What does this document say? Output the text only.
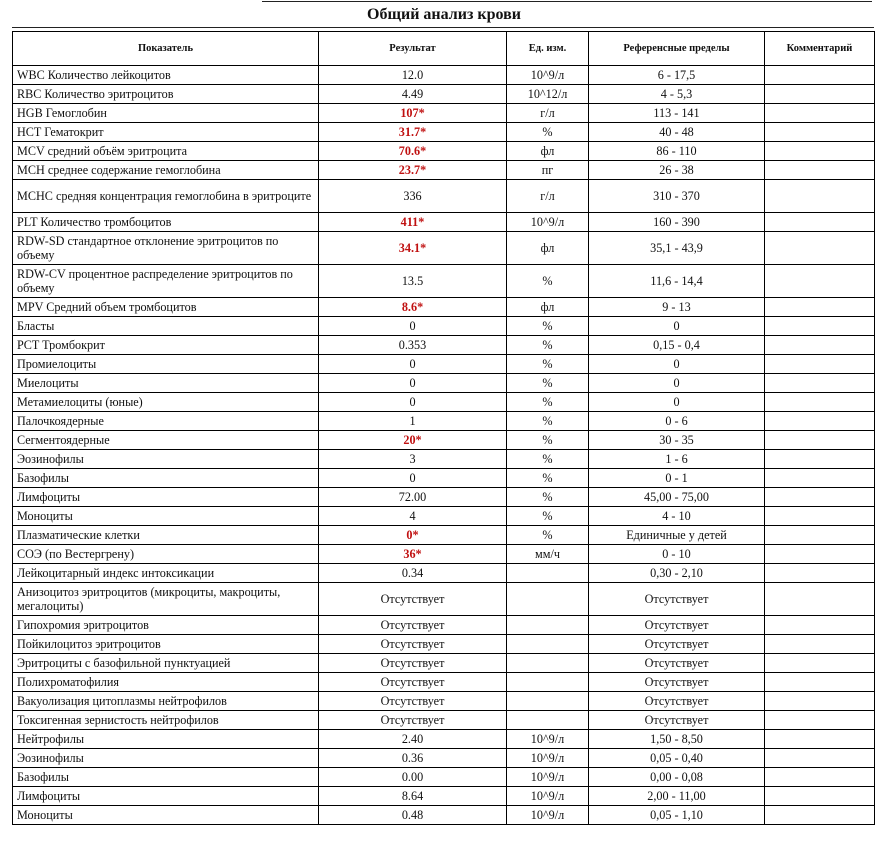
Общий анализ крови
Показатель	Результат	Ед. изм.	Референсные пределы	Комментарий
WBC Количество лейкоцитов	12.0	10^9/л	6 - 17,5	
RBC Количество эритроцитов	4.49	10^12/л	4 - 5,3	
HGB Гемоглобин	107*	г/л	113 - 141	
HCT Гематокрит	31.7*	%	40 - 48	
MCV средний объём эритроцита	70.6*	фл	86 - 110	
MCH среднее содержание гемоглобина	23.7*	пг	26 - 38	
MCHC средняя концентрация гемоглобина в эритроците	336	г/л	310 - 370	
PLT Количество тромбоцитов	411*	10^9/л	160 - 390	
RDW-SD стандартное отклонение эритроцитов по объему	34.1*	фл	35,1 - 43,9	
RDW-CV процентное распределение эритроцитов по объему	13.5	%	11,6 - 14,4	
MPV Средний объем тромбоцитов	8.6*	фл	9 - 13	
Бласты	0	%	0	
PCT Тромбокрит	0.353	%	0,15 - 0,4	
Промиелоциты	0	%	0	
Миелоциты	0	%	0	
Метамиелоциты (юные)	0	%	0	
Палочкоядерные	1	%	0 - 6	
Сегментоядерные	20*	%	30 - 35	
Эозинофилы	3	%	1 - 6	
Базофилы	0	%	0 - 1	
Лимфоциты	72.00	%	45,00 - 75,00	
Моноциты	4	%	4 - 10	
Плазматические клетки	0*	%	Единичные у детей	
СОЭ (по Вестергрену)	36*	мм/ч	0 - 10	
Лейкоцитарный индекс интоксикации	0.34		0,30 - 2,10	
Анизоцитоз эритроцитов (микроциты, макроциты, мегалоциты)	Отсутствует		Отсутствует	
Гипохромия эритроцитов	Отсутствует		Отсутствует	
Пойкилоцитоз эритроцитов	Отсутствует		Отсутствует	
Эритроциты с базофильной пунктуацией	Отсутствует		Отсутствует	
Полихроматофилия	Отсутствует		Отсутствует	
Вакуолизация цитоплазмы нейтрофилов	Отсутствует		Отсутствует	
Токсигенная зернистость нейтрофилов	Отсутствует		Отсутствует	
Нейтрофилы	2.40	10^9/л	1,50 - 8,50	
Эозинофилы	0.36	10^9/л	0,05 - 0,40	
Базофилы	0.00	10^9/л	0,00 - 0,08	
Лимфоциты	8.64	10^9/л	2,00 - 11,00	
Моноциты	0.48	10^9/л	0,05 - 1,10	
